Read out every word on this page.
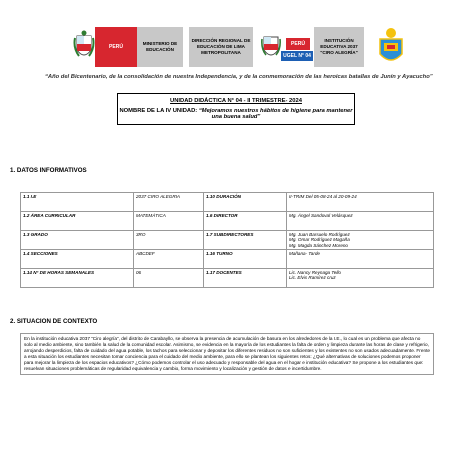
PERÚ
MINISTERIO DE EDUCACIÓN
DIRECCIÓN REGIONAL DE EDUCACIÓN DE LIMA METROPOLITANA
PERÚ
UGEL N° 04
INSTITUCIÓN EDUCATIVA 2037 "CIRO ALEGRÍA"
“Año del Bicentenario, de la consolidación de nuestra Independencia, y de la conmemoración de las heroicas batallas de Junín y Ayacucho”
UNIDAD DIDÁCTICA N° 04 - II TRIMESTRE- 2024
NOMBRE DE LA IV UNIDAD: “Mejoramos nuestros hábitos de higiene para mantener una buena salud”
1. DATOS INFORMATIVOS
1.1 I.E	2037 CIRO ALEGRIA	1.10 DURACIÓN	II-TRIM Del 05-08-24 al 20-09-24

1.2 ÁREA CURRICULAR	MATEMÁTICA	1.6 DIRECTOR	Mg. Ángel Sandoval Velásquez

1.3 GRADO	3RO	1.7 SUBDIRECTORES	Mg. Juan Barsuelo Rodríguez
Mg. Omar Rodríguez Magaña
Mg. Magda Sánchez Moreno

1.4 SECCIONES	ABCDEF	1.16 TURNO	Mañana- Tarde

1.14 N° DE HORAS SEMANALES	06	1.17 DOCENTES	Lic. Nancy Reynaga Tello
Lic. Elvis Ramírez cruz
2. SITUACION DE CONTEXTO
En la institución educativa 2037 “Ciro alegría”, del distrito de Carabayllo, se observa la presencia de acumulación de basura en los alrededores de la I.E., lo cual es un problema que afecta no solo al medio ambiente, sino también la salud de la comunidad escolar. Asimismo, se evidencia en la mayoría de los estudiantes la falta de orden y limpieza durante las horas de clase y refrigerio, arrojando desperdicios, falta de cuidado del agua potable, los tachos para seleccionar y depositar los diferentes residuos no son suficientes y los existentes no son usados adecuadamente. Frente a esta situación los estudiantes necesitan tomar conciencia para el cuidado del medio ambiente, para ello se plantean los siguientes retos: ¿Qué alternativas de soluciones podemos proponer para mejorar la limpieza de los espacios educativos? ¿Cómo podemos controlar el uso adecuado y responsable del agua en el hogar e institución educativa? Se propone a los estudiantes que: resuelvan situaciones problemáticas de regularidad equivalencia y cambio, forma movimiento y localización y gestión de datos e incertidumbre.
